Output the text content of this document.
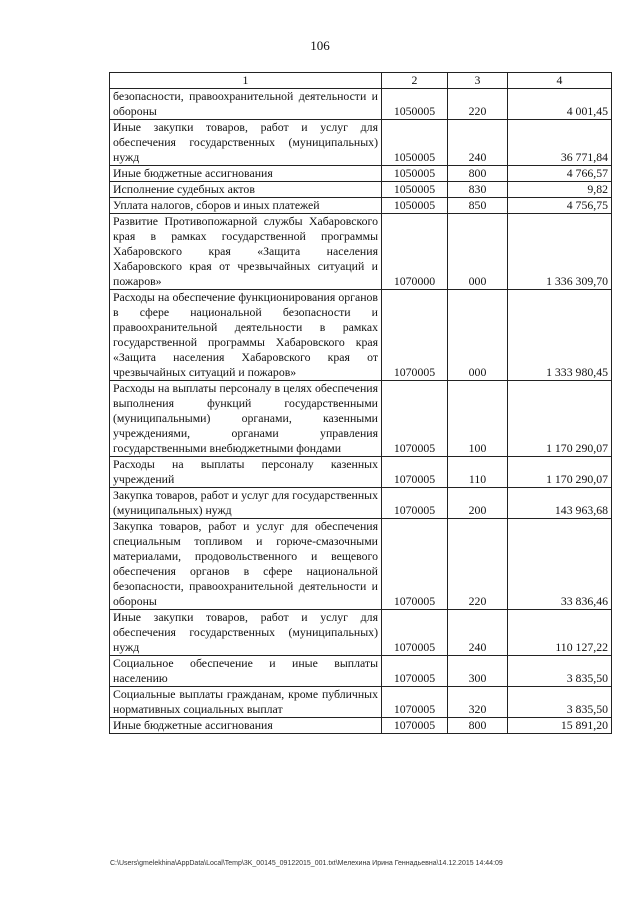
106
1	2	3	4
безопасности, правоохранительной деятельности и обороны	1050005	220	4 001,45
Иные закупки товаров, работ и услуг для обеспечения государственных (муниципальных) нужд	1050005	240	36 771,84
Иные бюджетные ассигнования	1050005	800	4 766,57
Исполнение судебных актов	1050005	830	9,82
Уплата налогов, сборов и иных платежей	1050005	850	4 756,75
Развитие Противопожарной службы Хабаровского края в рамках государственной программы Хабаровского края «Защита населения Хабаровского края от чрезвычайных ситуаций и пожаров»	1070000	000	1 336 309,70
Расходы на обеспечение функционирования органов в сфере национальной безопасности и правоохранительной деятельности в рамках государственной программы Хабаровского края «Защита населения Хабаровского края от чрезвычайных ситуаций и пожаров»	1070005	000	1 333 980,45
Расходы на выплаты персоналу в целях обеспечения выполнения функций государственными (муниципальными) органами, казенными учреждениями, органами управления государственными внебюджетными фондами	1070005	100	1 170 290,07
Расходы на выплаты персоналу казенных учреждений	1070005	110	1 170 290,07
Закупка товаров, работ и услуг для государственных (муниципальных) нужд	1070005	200	143 963,68
Закупка товаров, работ и услуг для обеспечения специальным топливом и горюче-смазочными материалами, продовольственного и вещевого обеспечения органов в сфере национальной безопасности, правоохранительной деятельности и обороны	1070005	220	33 836,46
Иные закупки товаров, работ и услуг для обеспечения государственных (муниципальных) нужд	1070005	240	110 127,22
Социальное обеспечение и иные выплаты населению	1070005	300	3 835,50
Социальные выплаты гражданам, кроме публичных нормативных социальных выплат	1070005	320	3 835,50
Иные бюджетные ассигнования	1070005	800	15 891,20
C:\Users\gmelekhina\AppData\Local\Temp\3K_00145_09122015_001.txt\Мелехина Ирина Геннадьевна\14.12.2015 14:44:09
